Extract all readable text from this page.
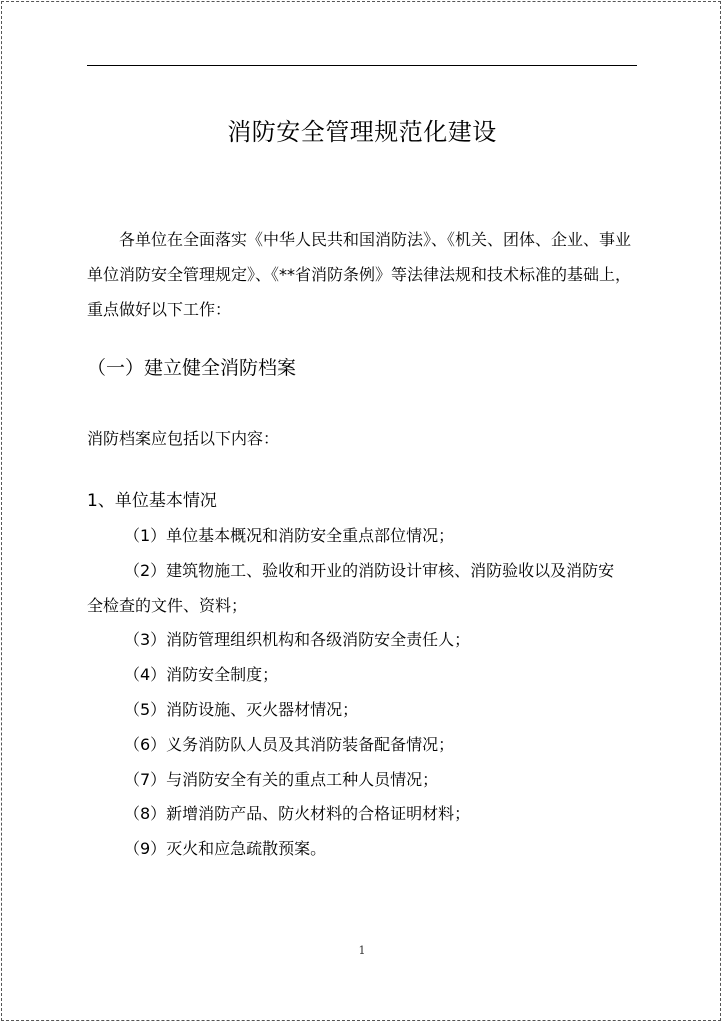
消防安全管理规范化建设

各单位在全面落实《中华人民共和国消防法》、《机关、团体、企业、事业
单位消防安全管理规定》、《**省消防条例》等法律法规和技术标准的基础上，
重点做好以下工作：

（一）建立健全消防档案
消防档案应包括以下内容：
1、单位基本情况
（1）单位基本概况和消防安全重点部位情况；
（2）建筑物施工、验收和开业的消防设计审核、消防验收以及消防安
全检查的文件、资料；
（3）消防管理组织机构和各级消防安全责任人；
（4）消防安全制度；
（5）消防设施、灭火器材情况；
（6）义务消防队人员及其消防装备配备情况；
（7）与消防安全有关的重点工种人员情况；
（8）新增消防产品、防火材料的合格证明材料；
（9）灭火和应急疏散预案。
1
